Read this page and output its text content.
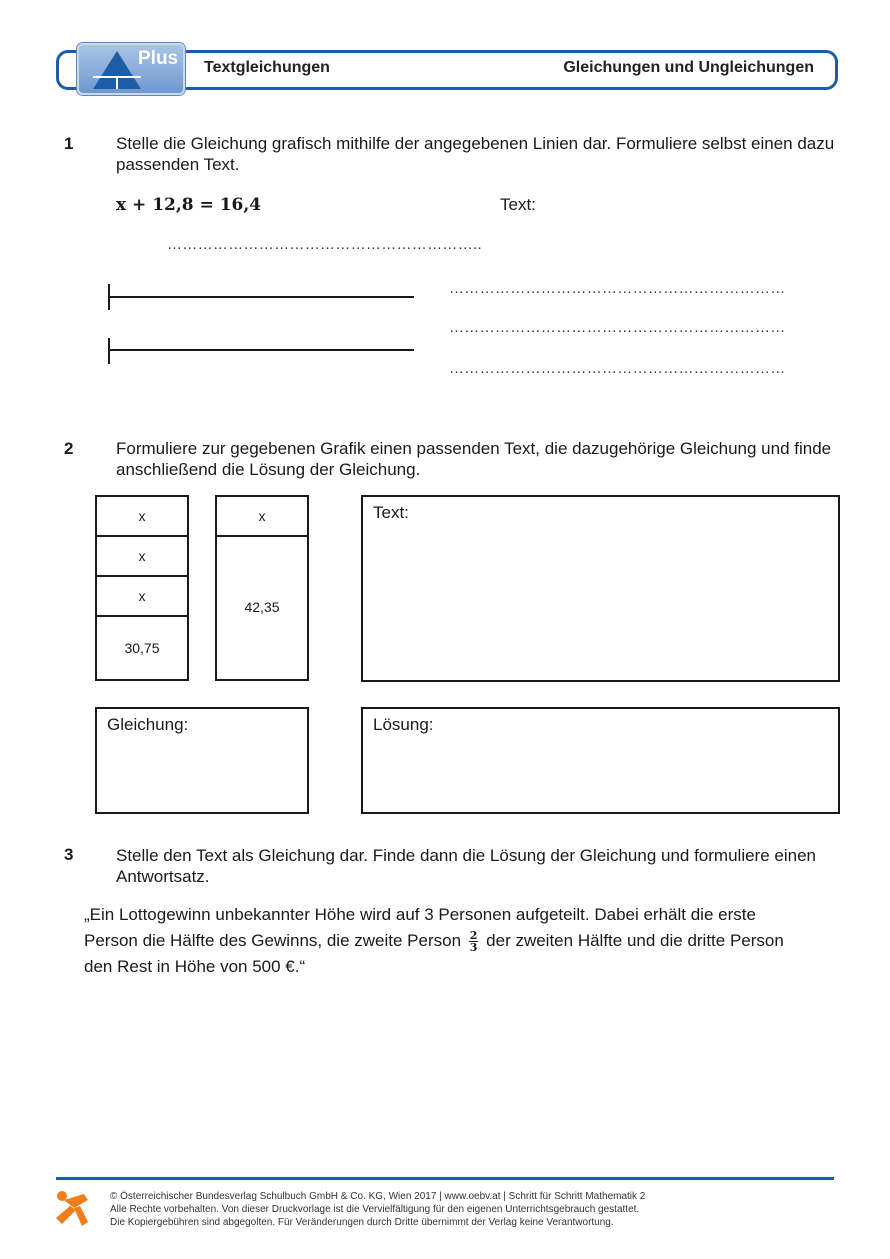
Plus Textgleichungen	Gleichungen und Ungleichungen
1	Stelle die Gleichung grafisch mithilfe der angegebenen Linien dar. Formuliere selbst einen dazu passenden Text.
x + 12,8 = 16,4	Text:
……………………………………………………..
…………………………………………………………
…………………………………………………………
…………………………………………………………
2	Formuliere zur gegebenen Grafik einen passenden Text, die dazugehörige Gleichung und finde anschließend die Lösung der Gleichung.
x
x
x
30,75
x
42,35
Text:
Gleichung:	Lösung:
3	Stelle den Text als Gleichung dar. Finde dann die Lösung der Gleichung und formuliere einen Antwortsatz.
„Ein Lottogewinn unbekannter Höhe wird auf 3 Personen aufgeteilt. Dabei erhält die erste Person die Hälfte des Gewinns, die zweite Person $\frac{2}{3}$ der zweiten Hälfte und die dritte Person den Rest in Höhe von 500 €.“
© Österreichischer Bundesverlag Schulbuch GmbH & Co. KG, Wien 2017 | www.oebv.at | Schritt für Schritt Mathematik 2
Alle Rechte vorbehalten. Von dieser Druckvorlage ist die Vervielfältigung für den eigenen Unterrichtsgebrauch gestattet.
Die Kopiergebühren sind abgegolten. Für Veränderungen durch Dritte übernimmt der Verlag keine Verantwortung.
